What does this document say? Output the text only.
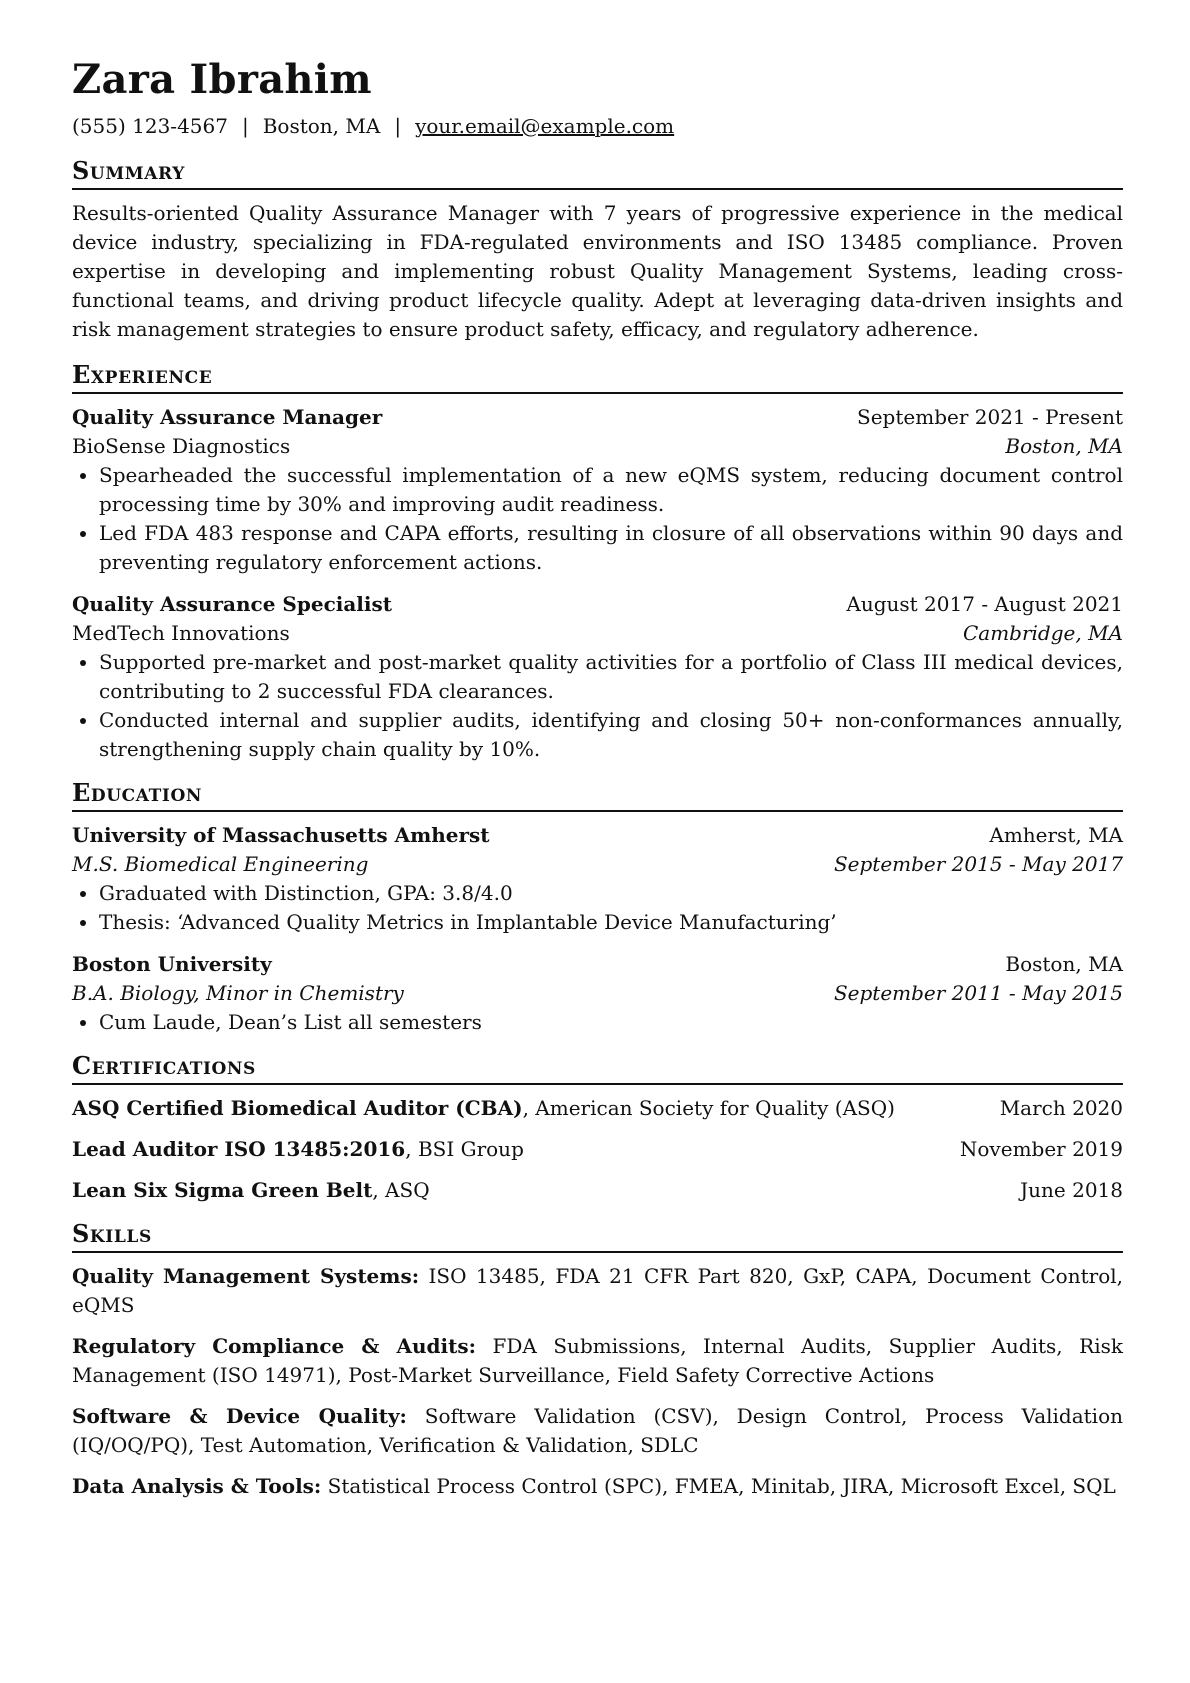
Zara Ibrahim
(555) 123-4567 | Boston, MA | your.email@example.com
Summary
Results-oriented Quality Assurance Manager with 7 years of progressive experience in the medical device industry, specializing in FDA-regulated environments and ISO 13485 compliance. Proven expertise in developing and implementing robust Quality Management Systems, leading cross-functional teams, and driving product lifecycle quality. Adept at leveraging data-driven insights and risk management strategies to ensure product safety, efficacy, and regulatory adherence.
Experience
Quality Assurance Manager	September 2021 - Present
BioSense Diagnostics	Boston, MA
• Spearheaded the successful implementation of a new eQMS system, reducing document control processing time by 30% and improving audit readiness.
• Led FDA 483 response and CAPA efforts, resulting in closure of all observations within 90 days and preventing regulatory enforcement actions.
Quality Assurance Specialist	August 2017 - August 2021
MedTech Innovations	Cambridge, MA
• Supported pre-market and post-market quality activities for a portfolio of Class III medical devices, contributing to 2 successful FDA clearances.
• Conducted internal and supplier audits, identifying and closing 50+ non-conformances annually, strengthening supply chain quality by 10%.
Education
University of Massachusetts Amherst	Amherst, MA
M.S. Biomedical Engineering	September 2015 - May 2017
• Graduated with Distinction, GPA: 3.8/4.0
• Thesis: ‘Advanced Quality Metrics in Implantable Device Manufacturing’
Boston University	Boston, MA
B.A. Biology, Minor in Chemistry	September 2011 - May 2015
• Cum Laude, Dean’s List all semesters
Certifications
ASQ Certified Biomedical Auditor (CBA), American Society for Quality (ASQ)	March 2020
Lead Auditor ISO 13485:2016, BSI Group	November 2019
Lean Six Sigma Green Belt, ASQ	June 2018
Skills
Quality Management Systems: ISO 13485, FDA 21 CFR Part 820, GxP, CAPA, Document Control, eQMS
Regulatory Compliance & Audits: FDA Submissions, Internal Audits, Supplier Audits, Risk Management (ISO 14971), Post-Market Surveillance, Field Safety Corrective Actions
Software & Device Quality: Software Validation (CSV), Design Control, Process Validation (IQ/OQ/PQ), Test Automation, Verification & Validation, SDLC
Data Analysis & Tools: Statistical Process Control (SPC), FMEA, Minitab, JIRA, Microsoft Excel, SQL
